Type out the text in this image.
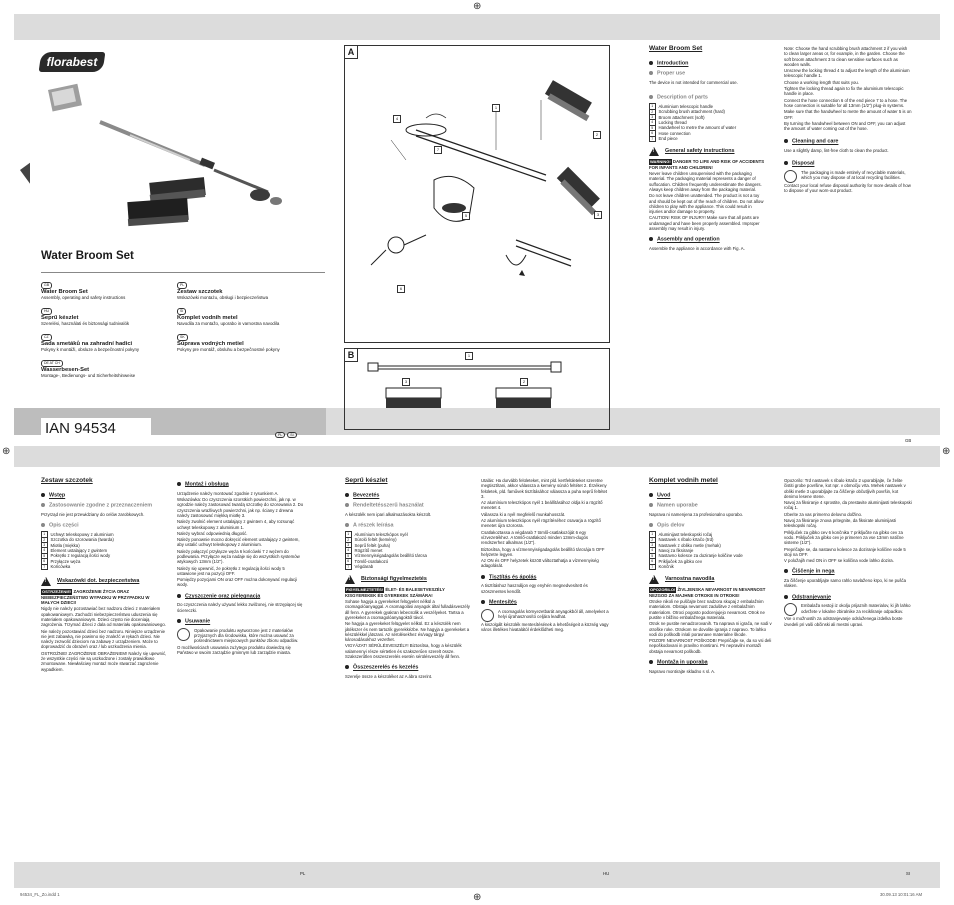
⊕	⊕
⊕
⊕
florabest
Water Broom Set
GB
Water Broom Set
Assembly, operating and safety instructions
PL
Zestaw szczotek
Wskazówki montażu, obsługi i bezpieczeństwa
HU
Seprű készlet
Szerelési, használati és biztonsági tudnivalók
SI
Komplet vodnih metel
Navodila za montažo, uporabo in varnostna navodila
CZ
Sada smetáků na zahradní hadici
Pokyny k montáži, obsluze a bezpečnostní pokyny
SK
Súprava vodných metiel
Pokyny pre montáž, obsluhu a bezpečnostné pokyny
DE AT CH
Wasserbesen-Set
Montage-, Bedienungs- und Sicherheitshinweise
IAN 94534	PL SI
A
1
2
3
4
5
6
7
B	1
2
3
Water Broom Set
Introduction
Proper use

The device is not intended for commercial use.

Description of parts
1	Aluminium telescopic handle
2	Scrubbing brush attachment (hard)
3	Broom attachment (soft)
4	Locking thread
5	Handwheel to metre the amount of water
6	Hose connection
7	End piece
!
General safety instructions

WARNING! DANGER TO LIFE AND RISK OF ACCIDENTS FOR INFANTS AND CHILDREN!

Never leave children unsupervised with the packaging material. The packaging material represents a danger of suffocation. Children frequently underestimate the dangers. Always keep children away from the packaging material.

Do not leave children unattended. The product is not a toy and should be kept out of the reach of children. Do not allow children to play with the appliance. This could result in injuries and/or damage to property.

CAUTION! RISK OF INJURY! Make sure that all parts are undamaged and have been properly assembled. Improper assembly may result in injury.

Assembly and operation

Assemble the appliance in accordance with Fig. A.

Note: Choose the hand scrubbing brush attachment 2 if you wish to clean larger areas or, for example, in the garden. Choose the soft broom attachment 3 to clean sensitive surfaces such as wooden walls.

Unscrew the locking thread 4 to adjust the length of the aluminium telescopic handle 1.

Choose a working length that suits you.

Tighten the locking thread again to fix the aluminium telescopic handle in place.

Connect the hose connection 6 of the end piece 7 to a hose. The hose connection is suitable for all 13mm (1/2") plug-in systems.

Make sure that the handwheel to metre the amount of water 5 is on OFF.

By turning the handwheel between ON and OFF, you can adjust the amount of water coming out of the hose.

Cleaning and care

Use a slightly damp, lint-free cloth to clean the product.

Disposal

The packaging is made entirely of recyclable materials, which you may dispose of at local recycling facilities.

Contact your local refuse disposal authority for more details of how to dispose of your worn-out product.

GB
Zestaw szczotek
Wstęp
Zastosowanie zgodne z przeznaczeniem

Przyrząd nie jest przewidziany do celów zarobkowych.

Opis części
1	Uchwyt teleskopowy z aluminium
2	Szczotka do szorowania (twarda)
3	Miotła (miękka)
4	Element ustalający z gwintem
5	Pokrętło z regulacją ilości wody
6	Przyłącze węża
7	Końcówka
!
Wskazówki dot. bezpieczeństwa

OSTRZEŻENIE! ZAGROŻENIE ŻYCIA ORAZ NIEBEZPIECZEŃSTWO WYPADKU W PRZYPADKU W MAŁYCH DZIECI!

Nigdy nie należy pozostawiać bez nadzoru dzieci z materiałem opakowaniowym. Zachodzi niebezpieczeństwo uduszenia się materiałem opakowaniowym. Dzieci często nie doceniają zagrożenia. Trzymać dzieci z dala od materiału opakowaniowego.

Nie należy pozostawiać dzieci bez nadzoru. Niniejsze urządzenie nie jest zabawką, nie powinno się znaleźć w rękach dzieci. Nie należy zezwolić dzieciom na zabawę z urządzeniem. Może to doprowadzić do obrażeń oraz / lub uszkodzenia mienia.

OSTROŻNIE! ZAGROŻENIE OBRAŻENIEM! Należy się upewnić, że wszystkie części nie są uszkodzone i zostały prawidłowo zmontowane. Niewłaściwy montaż może stwarzać zagrożenie wypadkiem.

Montaż i obsługa

Urządzenie należy montować zgodnie z rysunkiem A.

Wskazówka: Do czyszczenia szorstkich powierzchni, jak np. w ogrodzie należy zastosować twardą szczotkę do szorowania 2. Do czyszczenia wrażliwych powierzchni, jak np. ściany z drewna należy zastosować miękką miotłę 3.

Należy zwolnić element ustalający z gwintem 4, aby rozsunąć uchwyt teleskopowy z aluminium 1.

Należy wybrać odpowiednią długość.

Należy ponownie mocno dokręcić element ustalający z gwintem, aby ustalić uchwyt teleskopowy z aluminium.

Należy połączyć przyłącze węża 6 końcówki 7 z wężem do podlewania. Przyłącze węża nadaje się do wszystkich systemów wtykowych 13mm (1/2").

Należy się upewnić, że pokrętło z regulacją ilości wody 5 ustawione jest na pozycji OFF.

Pomiędzy pozycjami ON oraz OFF można dokonywać regulacji wody.

Czyszczenie oraz pielęgnacja

Do czyszczenia należy używać lekko zwilżonej, nie strzępiącej się ściereczki.

Usuwanie

Opakowanie produktu wytworzone jest z materiałów przyjaznych dla środowiska, które można usuwać za pośrednictwem miejscowych punktów zbioru odpadów.

O możliwościach usuwania zużytego produktu dowiedzą się Państwo w swoim zarządzie gminnym lub zarządzie miasta.

Seprű készlet
Bevezetés
Rendeltetésszerű használat

A készülék nem ipari alkalmazásokra készült.

A részek leírása
1	Alumínium teleszkópos nyél
2	Súroló feltét (kemény)
3	Seprű feltét (puha)
4	Rögzítő menet
5	Vízmennyiségadagolás beállító tárcsa
6	Tömlő-csatlakozó
7	Végdarab
!
Biztonsági figyelmeztetés

FIGYELMEZTETÉS! ÉLET- ÉS BALESETVESZÉLY KISGYEREKEK ÉS GYEREKEK SZÁMÁRA!

Sohase hagyja a gyerekeket felügyelet nélkül a csomagolóanyaggal. A csomagolási anyagok által fulladásveszély áll fenn. A gyerekek gyakran lebecsülik a veszélyeket. Tartsa a gyerekeket a csomagolóanyagoktól távol.

Ne hagyja a gyerekeket felügyelet nélkül. Ez a készülék nem játékszer és nem tartozik gyerekkézbe. Ne hagyja a gyerekeket a készülékkel játszani. Az sérülésekhez és/vagy tárgyi károsodásokhoz vezethet.

VIGYÁZAT! SÉRÜLÉSVESZÉLY! Biztosítsa, hogy a készülék valamennyi része sértetlen és szakszerűen szerelt össze. Szakszerűtlen összeszerelés esetén sérülésveszély áll fenn.

Összeszerelés és kezelés

Szerelje össze a készüléket az A ábra szerint.

Utalás: Ha durvább felületeket, mint pld. kertfelületeket szeretne megtisztítani, akkor válassza a kemény súroló feltétet 2. Érzékeny felületek, pld. faművek tisztításához válassza a puha seprű feltétet 3.

Az alumínium teleszkópos nyél 1 beállításához oldja ki a rögzítő menetet 4.

Válassza ki a nyél megfelelő munkahosszát.

Az alumínium teleszkópos nyél rögzítéséhez csavarja a rögzítő menetet újra szorosra.

Csatlakoztassa a végdarab 7 tömlő-csatlakozóját 6 egy vízvezetékhez. A tömlő-csatlakozó minden 13mm-dugós rendszerhez alkalmas (1/2").

Biztosítsa, hogy a vízmennyiségadagolás beállító tárcsája 5 OFF helyzetre legyen.

Az ON és OFF helyzetek között változtathatja a vízmennyiség adagolását.

Tisztítás és ápolás

A tisztításhoz használjon egy enyhén megnedvesített és szöszmentes kendőt.

Mentesítés

A csomagolás környezetbarát anyagokból áll, amelyeket a helyi újrahasznosító celjára leadhat.

A kiszolgált készülék mentesítésének a lehetőségeit a község vagy város illetékes hivatalától érdeklődheti meg.

Komplet vodnih metel
Uvod
Namen uporabe

Naprava ni namenjena za profesionalno uporabo.

Opis delov
1	Aluminijast teleskopski ročaj
2	Nastavek s ribalo krtačo (trd)
3	Nastavek z obliko metle (mehak)
4	Navoj za fiksiranje
5	Nastavno kolesce za doziranje količine vode
6	Priključek za gibko cev
7	Končnik
!
Varnostna navodila

OPOZORILO! ŽIVLJENSKA NEVARNOST IN NEVARNOST NEZGOD ZA MAJHNE OTROKE IN OTROKE!

Otroke nikoli ne puščajte brez nadzora skupaj z embalažnim materialom. Obstaja nevarnost zadušitve z embalažnim materialom. Otroci pogosto podcenjujejo nevarnost. Otrok ne pustite v bližino embalažnega materiala.

Otrok ne pustite nenadzorovanih. Ta naprava ni igrača, ne sodi v otroške roke. Otrokom ne dovolite igranja z napravo. To lahko vodi do poškodb in/ali poravnave materialne škode.

POZOR! NEVARNOST POŠKODB! Prepričajte se, da so vsi deli nepoškodovani in pravilno montirani. Pri nepravilni montaži obstaja nevarnost poškodb.

Montaža in uporaba

Napravo montirajte skladno s sl. A.

Opozorilo: Trd nastavek s ribalo krtačo 2 uporabljajte, če želite čistiti grobe površine, kot npr. v območju vrta. Mehek nastavek v obliki metle 3 uporabljajte za čiščenje občutljivih površin, kot denimo lesene stene.

Navoj za fiksiranje 4 sprostite, da prestavite aluminijasti teleskopski ročaj 1.

Izberite za vas primerno delovno dolžino.

Navoj za fiksiranje znova pritegnite, da fiksirate aluminijasti teleskopski ročaj.

Priključek za gibko cev 6 končnika 7 priključite na gibko cev za vodo. Priključek za gibko cev je primeren za vse 13mm natične sisteme (1/2").

Prepričajte se, da nastavno kolesce za doziranje količine vode 5 stoji na OFF.

V položajih med ON in OFF se količina vode lahko dozira.

Čiščenje in nega

Za čiščenje uporabljajte samo rahlo navlaženo krpo, ki ne pušča vlaken.

Odstranjevanje

Embalaža sestoji iz okolju prijaznih materialov, ki jih lahko odvržete v lokalne zbiralnike za recikliranje odpadkov.

Vse o možnostih za odstranjevanje odsluženega izdelka boste izvedeli pri vaši občinski ali mestni upravi.

PL	HU	SI
94534_FL_Zo.indd 1	30.09.13 10:01:16 AM
